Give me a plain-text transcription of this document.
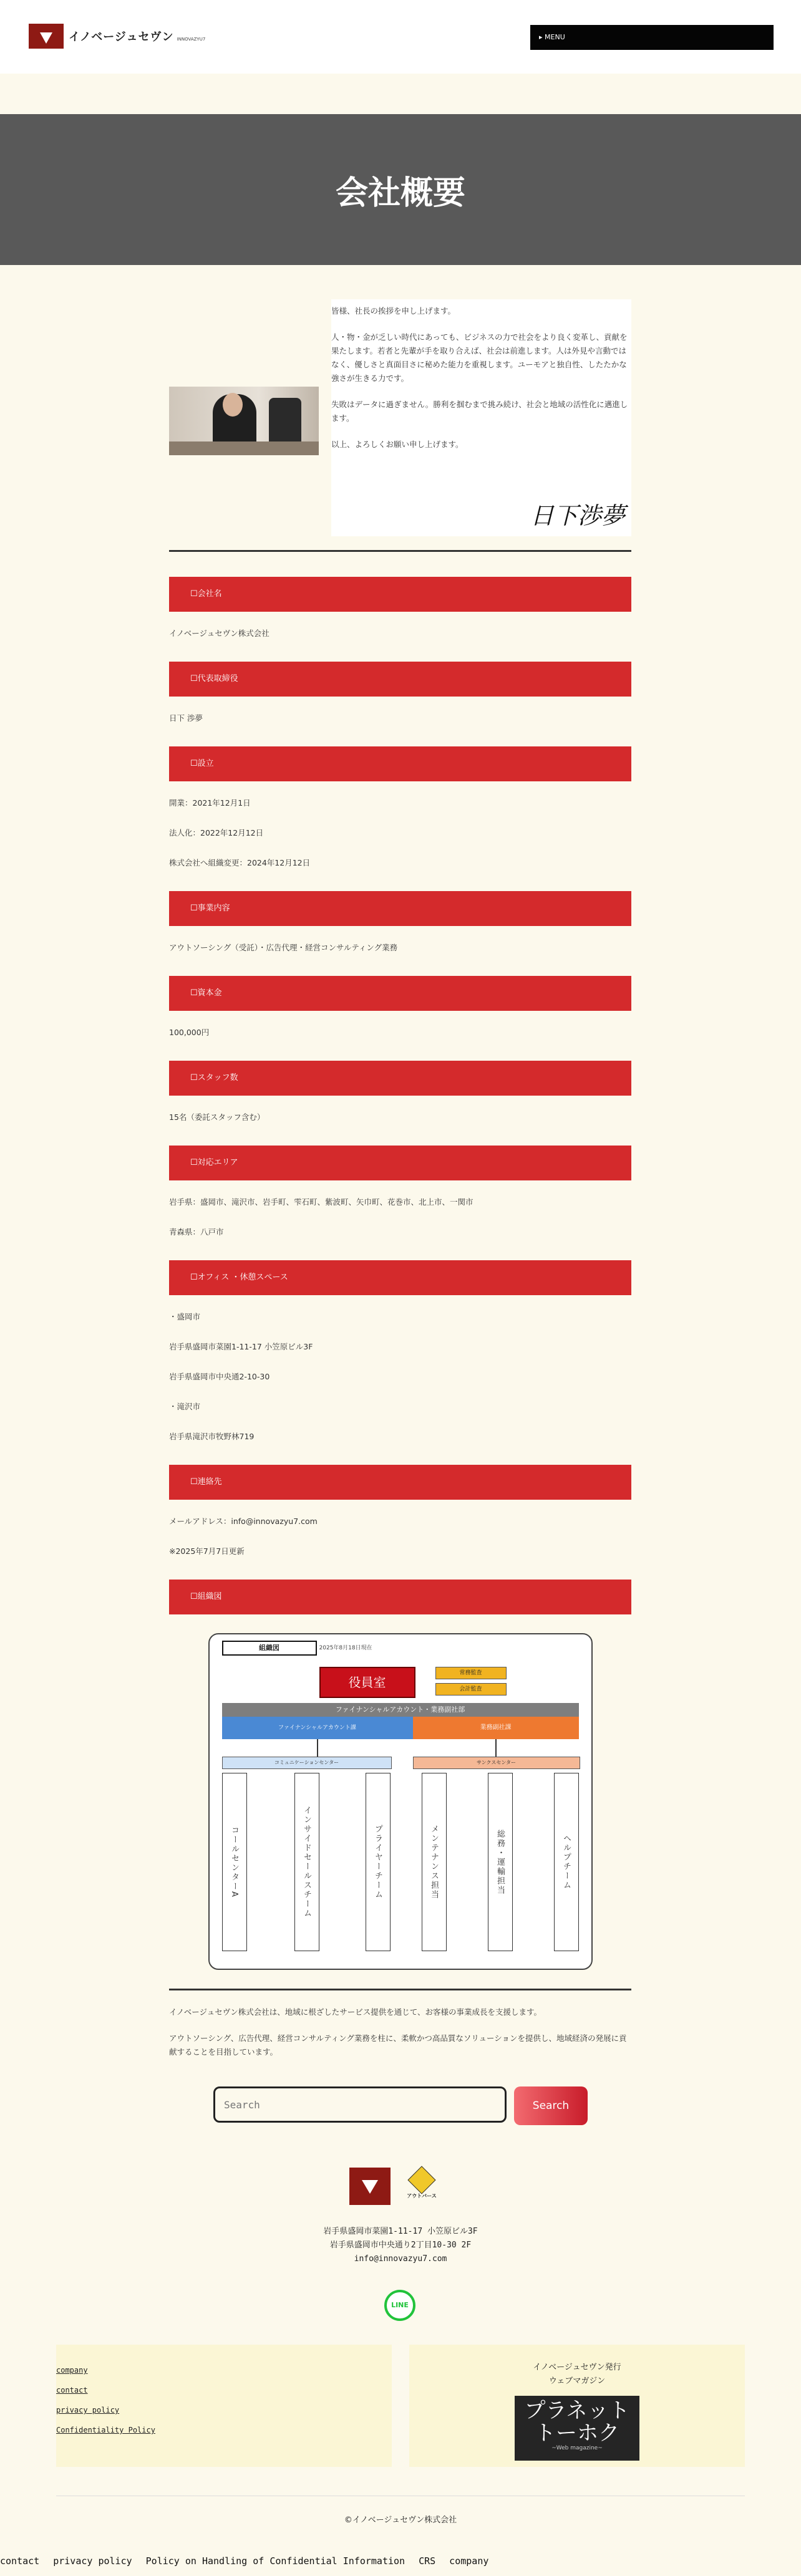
イノベージュセヴン INNOVAZYU7	▸ MENU
会社概要

皆様、社長の挨拶を申し上げます。

人・物・金が乏しい時代にあっても、ビジネスの力で社会をより良く変革し、貢献を果たします。若者と先輩が手を取り合えば、社会は前進します。人は外見や言動ではなく、優しさと真面目さに秘めた能力を重視します。ユーモアと独自性、したたかな強さが生きる力です。

失敗はデータに過ぎません。勝利を掴むまで挑み続け、社会と地域の活性化に邁進します。

以上、よろしくお願い申し上げます。

日下渉夢
☐会社名

イノベージュセヴン株式会社

☐代表取締役

日下 渉夢

☐設立

開業：2021年12月1日

法人化：2022年12月12日

株式会社へ組織変更：2024年12月12日

☐事業内容

アウトソーシング（受託）・広告代理・経営コンサルティング業務

☐資本金

100,000円

☐スタッフ数

15名（委託スタッフ含む）

☐対応エリア

岩手県：盛岡市、滝沢市、岩手町、雫石町、紫波町、矢巾町、花巻市、北上市、一関市

青森県：八戸市

☐オフィス ・休憩スペース

・盛岡市

岩手県盛岡市菜園1-11-17 小笠原ビル3F

岩手県盛岡市中央通2-10-30

・滝沢市

岩手県滝沢市牧野林719

☐連絡先

メールアドレス：info@innovazyu7.com

※2025年7月7日更新

☐組織図
組織図	2025年8月18日現在
役員室
常務監査
会計監査
ファイナンシャルアカウント・業務副社部
ファイナンシャルアカウント課	業務副社課
コミュニケーションセンター	サンクスセンター
コールセンターA	インサイドセールスチーム	プライヤーチーム	メンテナンス担当	総務・運輸担当	ヘルプチーム

イノベージュセヴン株式会社は、地域に根ざしたサービス提供を通じて、お客様の事業成長を支援します。

アウトソーシング、広告代理、経営コンサルティング業務を柱に、柔軟かつ高品質なソリューションを提供し、地域経済の発展に貢献することを目指しています。

Search
Search
アウトバース
岩手県盛岡市菜園1-11-17 小笠原ビル3F
岩手県盛岡市中央通り2丁目10-30 2F
info@innovazyu7.com
LINE
company
contact
privacy policy
Confidentiality Policy
イノベージュセヴン発行
ウェブマガジン
プラネット トーホク
~Web magazine~
©イノベージュセヴン株式会社
contact privacy policy Policy on Handling of Confidential Information CRS company
